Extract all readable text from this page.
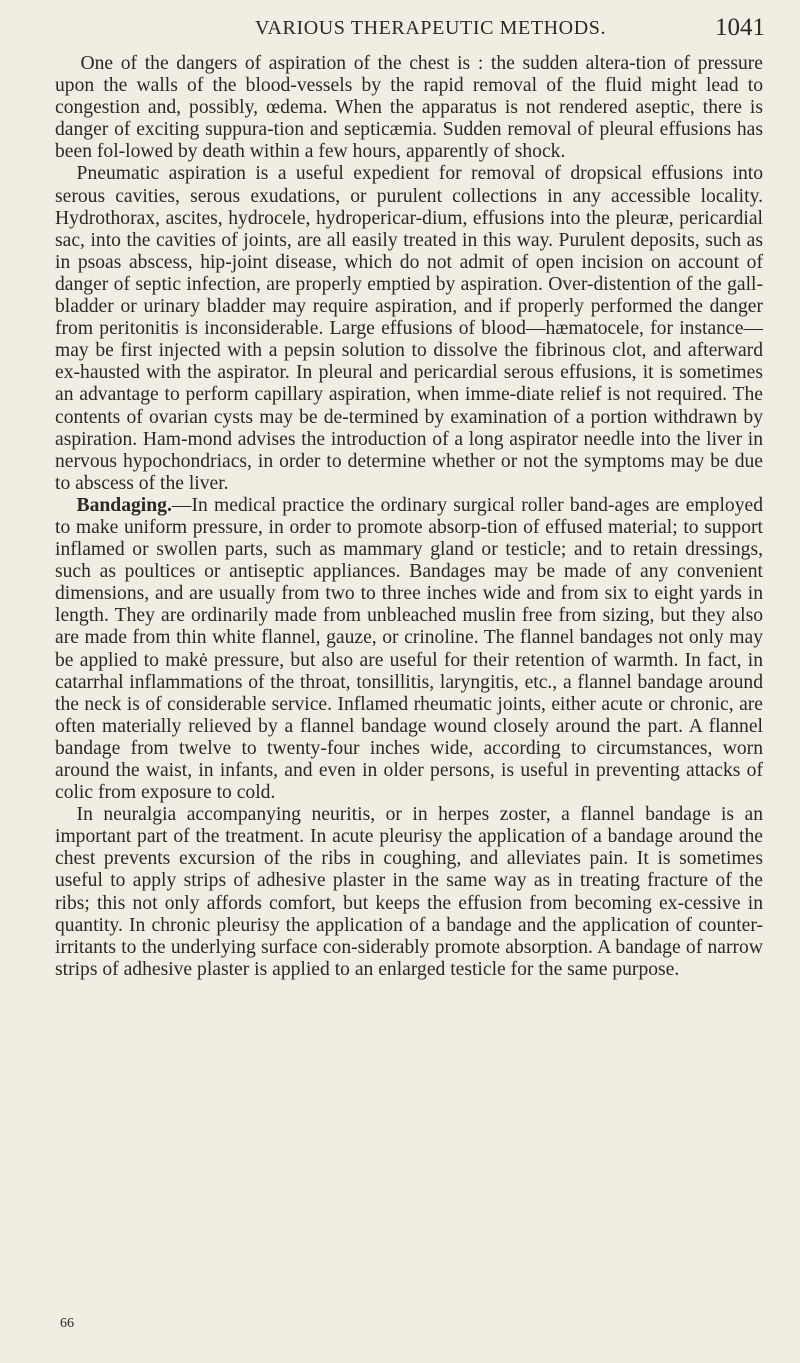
VARIOUS THERAPEUTIC METHODS.	1041

One of the dangers of aspiration of the chest is : the sudden altera-tion of pressure upon the walls of the blood-vessels by the rapid removal of the fluid might lead to congestion and, possibly, œdema. When the apparatus is not rendered aseptic, there is danger of exciting suppura-tion and septicæmia. Sudden removal of pleural effusions has been fol-lowed by death within a few hours, apparently of shock.

Pneumatic aspiration is a useful expedient for removal of dropsical effusions into serous cavities, serous exudations, or purulent collections in any accessible locality. Hydrothorax, ascites, hydrocele, hydropericar-dium, effusions into the pleuræ, pericardial sac, into the cavities of joints, are all easily treated in this way. Purulent deposits, such as in psoas abscess, hip-joint disease, which do not admit of open incision on account of danger of septic infection, are properly emptied by aspiration. Over-distention of the gall-bladder or urinary bladder may require aspiration, and if properly performed the danger from peritonitis is inconsiderable. Large effusions of blood—hæmatocele, for instance—may be first injected with a pepsin solution to dissolve the fibrinous clot, and afterward ex-hausted with the aspirator. In pleural and pericardial serous effusions, it is sometimes an advantage to perform capillary aspiration, when imme-diate relief is not required. The contents of ovarian cysts may be de-termined by examination of a portion withdrawn by aspiration. Ham-mond advises the introduction of a long aspirator needle into the liver in nervous hypochondriacs, in order to determine whether or not the symptoms may be due to abscess of the liver.

Bandaging.—In medical practice the ordinary surgical roller band-ages are employed to make uniform pressure, in order to promote absorp-tion of effused material; to support inflamed or swollen parts, such as mammary gland or testicle; and to retain dressings, such as poultices or antiseptic appliances. Bandages may be made of any convenient dimensions, and are usually from two to three inches wide and from six to eight yards in length. They are ordinarily made from unbleached muslin free from sizing, but they also are made from thin white flannel, gauze, or crinoline. The flannel bandages not only may be applied to makė pressure, but also are useful for their retention of warmth. In fact, in catarrhal inflammations of the throat, tonsillitis, laryngitis, etc., a flannel bandage around the neck is of considerable service. Inflamed rheumatic joints, either acute or chronic, are often materially relieved by a flannel bandage wound closely around the part. A flannel bandage from twelve to twenty-four inches wide, according to circumstances, worn around the waist, in infants, and even in older persons, is useful in preventing attacks of colic from exposure to cold.

In neuralgia accompanying neuritis, or in herpes zoster, a flannel bandage is an important part of the treatment. In acute pleurisy the application of a bandage around the chest prevents excursion of the ribs in coughing, and alleviates pain. It is sometimes useful to apply strips of adhesive plaster in the same way as in treating fracture of the ribs; this not only affords comfort, but keeps the effusion from becoming ex-cessive in quantity. In chronic pleurisy the application of a bandage and the application of counter-irritants to the underlying surface con-siderably promote absorption. A bandage of narrow strips of adhesive plaster is applied to an enlarged testicle for the same purpose.

66
